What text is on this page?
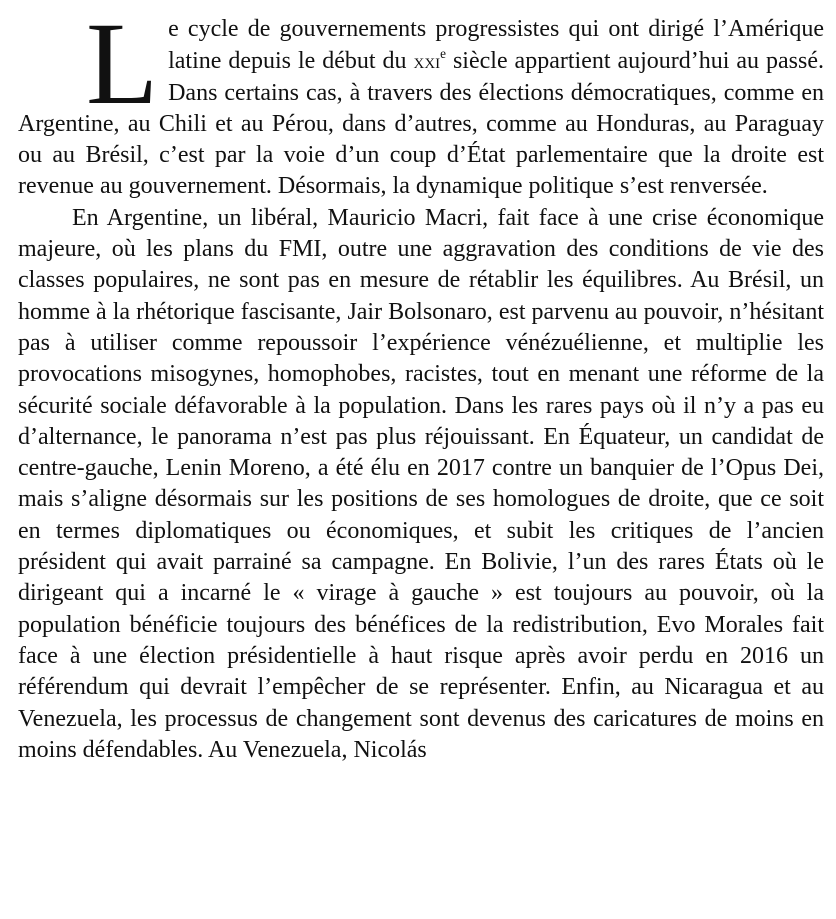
Le cycle de gouvernements progressistes qui ont dirigé l’Amérique latine depuis le début du xxi$^e$ siècle appartient aujourd’hui au passé. Dans certains cas, à travers des élections démocratiques, comme en Argentine, au Chili et au Pérou, dans d’autres, comme au Honduras, au Paraguay ou au Brésil, c’est par la voie d’un coup d’État parlementaire que la droite est revenue au gouvernement. Désormais, la dynamique politique s’est renversée.

En Argentine, un libéral, Mauricio Macri, fait face à une crise économique majeure, où les plans du FMI, outre une aggravation des conditions de vie des classes populaires, ne sont pas en mesure de rétablir les équilibres. Au Brésil, un homme à la rhétorique fascisante, Jair Bolsonaro, est parvenu au pouvoir, n’hésitant pas à utiliser comme repoussoir l’expérience vénézuélienne, et multiplie les provocations misogynes, homophobes, racistes, tout en menant une réforme de la sécurité sociale défavorable à la population. Dans les rares pays où il n’y a pas eu d’alternance, le panorama n’est pas plus réjouissant. En Équateur, un candidat de centre-gauche, Lenin Moreno, a été élu en 2017 contre un banquier de l’Opus Dei, mais s’aligne désormais sur les positions de ses homologues de droite, que ce soit en termes diplomatiques ou économiques, et subit les critiques de l’ancien président qui avait parrainé sa campagne. En Bolivie, l’un des rares États où le dirigeant qui a incarné le « virage à gauche » est toujours au pouvoir, où la population bénéficie toujours des bénéfices de la redistribution, Evo Morales fait face à une élection présidentielle à haut risque après avoir perdu en 2016 un référendum qui devrait l’empêcher de se représenter. Enfin, au Nicaragua et au Venezuela, les processus de changement sont devenus des caricatures de moins en moins défendables. Au Venezuela, Nicolás
